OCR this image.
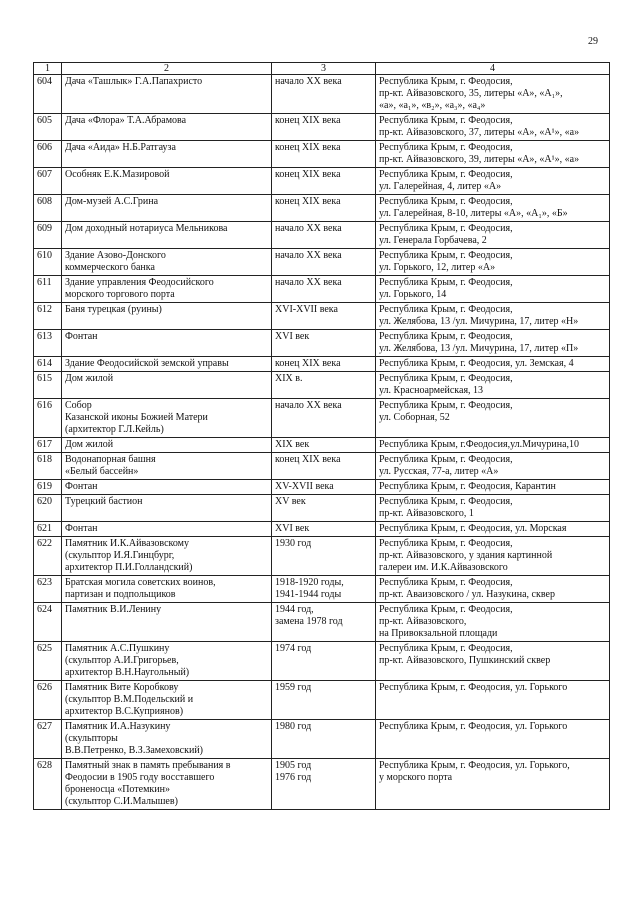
29
1	2	3	4
604	Дача «Ташлык» Г.А.Папахристо	начало XX века	Республика Крым, г. Феодосия,
пр-кт. Айвазовского, 35, литеры «А», «А₁»,
«а», «а₁», «в₂», «а₃», «а₄»
605	Дача «Флора» Т.А.Абрамова	конец XIX века	Республика Крым, г. Феодосия,
пр-кт. Айвазовского, 37, литеры «А», «А¹», «а»
606	Дача «Аида» Н.Б.Ратгауза	конец XIX века	Республика Крым, г. Феодосия,
пр-кт. Айвазовского, 39, литеры «А», «А¹», «а»
607	Особняк Е.К.Мазировой	конец XIX века	Республика Крым, г. Феодосия,
ул. Галерейная, 4, литер «А»
608	Дом-музей А.С.Грина	конец XIX века	Республика Крым, г. Феодосия,
ул. Галерейная, 8-10, литеры «А», «А₁», «Б»
609	Дом доходный нотариуса Мельникова	начало XX века	Республика Крым, г. Феодосия,
ул. Генерала Горбачева, 2
610	Здание Азово-Донского
коммерческого банка	начало XX века	Республика Крым, г. Феодосия,
ул. Горького, 12, литер «А»
611	Здание управления Феодосийского
морского торгового порта	начало XX века	Республика Крым, г. Феодосия,
ул. Горького, 14
612	Баня турецкая (руины)	XVI-XVII века	Республика Крым, г. Феодосия,
ул. Желябова, 13 /ул. Мичурина, 17, литер «Н»
613	Фонтан	XVI век	Республика Крым, г. Феодосия,
ул. Желябова, 13 /ул. Мичурина, 17, литер «П»
614	Здание Феодосийской земской управы	конец XIX века	Республика Крым, г. Феодосия, ул. Земская, 4
615	Дом жилой	XIX в.	Республика Крым, г. Феодосия,
ул. Красноармейская, 13
616	Собор
Казанской иконы Божией Матери
(архитектор Г.Л.Кейль)	начало XX века	Республика Крым, г. Феодосия,
ул. Соборная, 52
617	Дом жилой	XIX век	Республика Крым, г.Феодосия,ул.Мичурина,10
618	Водонапорная башня
«Белый бассейн»	конец XIX века	Республика Крым, г. Феодосия,
ул. Русская, 77-а, литер «А»
619	Фонтан	XV-XVII века	Республика Крым, г. Феодосия, Карантин
620	Турецкий бастион	XV век	Республика Крым, г. Феодосия,
пр-кт. Айвазовского, 1
621	Фонтан	XVI век	Республика Крым, г. Феодосия, ул. Морская
622	Памятник И.К.Айвазовскому
(скульптор И.Я.Гинцбург,
архитектор П.И.Голландский)	1930 год	Республика Крым, г. Феодосия,
пр-кт. Айвазовского, у здания картинной
галереи им. И.К.Айвазовского
623	Братская могила советских воинов,
партизан и подпольщиков	1918-1920 годы,
1941-1944 годы	Республика Крым, г. Феодосия,
пр-кт. Аваизовского / ул. Назукина, сквер
624	Памятник В.И.Ленину	1944 год,
замена 1978 год	Республика Крым, г. Феодосия,
пр-кт. Айвазовского,
на Привокзальной площади
625	Памятник А.С.Пушкину
(скульптор А.И.Григорьев,
архитектор В.Н.Наугольный)	1974 год	Республика Крым, г. Феодосия,
пр-кт. Айвазовского, Пушкинский сквер
626	Памятник Вите Коробкову
(скульптор В.М.Подельский и
архитектор В.С.Куприянов)	1959 год	Республика Крым, г. Феодосия, ул. Горького
627	Памятник И.А.Назукину
(скульпторы
В.В.Петренко, В.З.Замеховский)	1980 год	Республика Крым, г. Феодосия, ул. Горького
628	Памятный знак в память пребывания в
Феодосии в 1905 году восставшего
броненосца «Потемкин»
(скульптор С.И.Малышев)	1905 год
1976 год	Республика Крым, г. Феодосия, ул. Горького,
у морского порта
